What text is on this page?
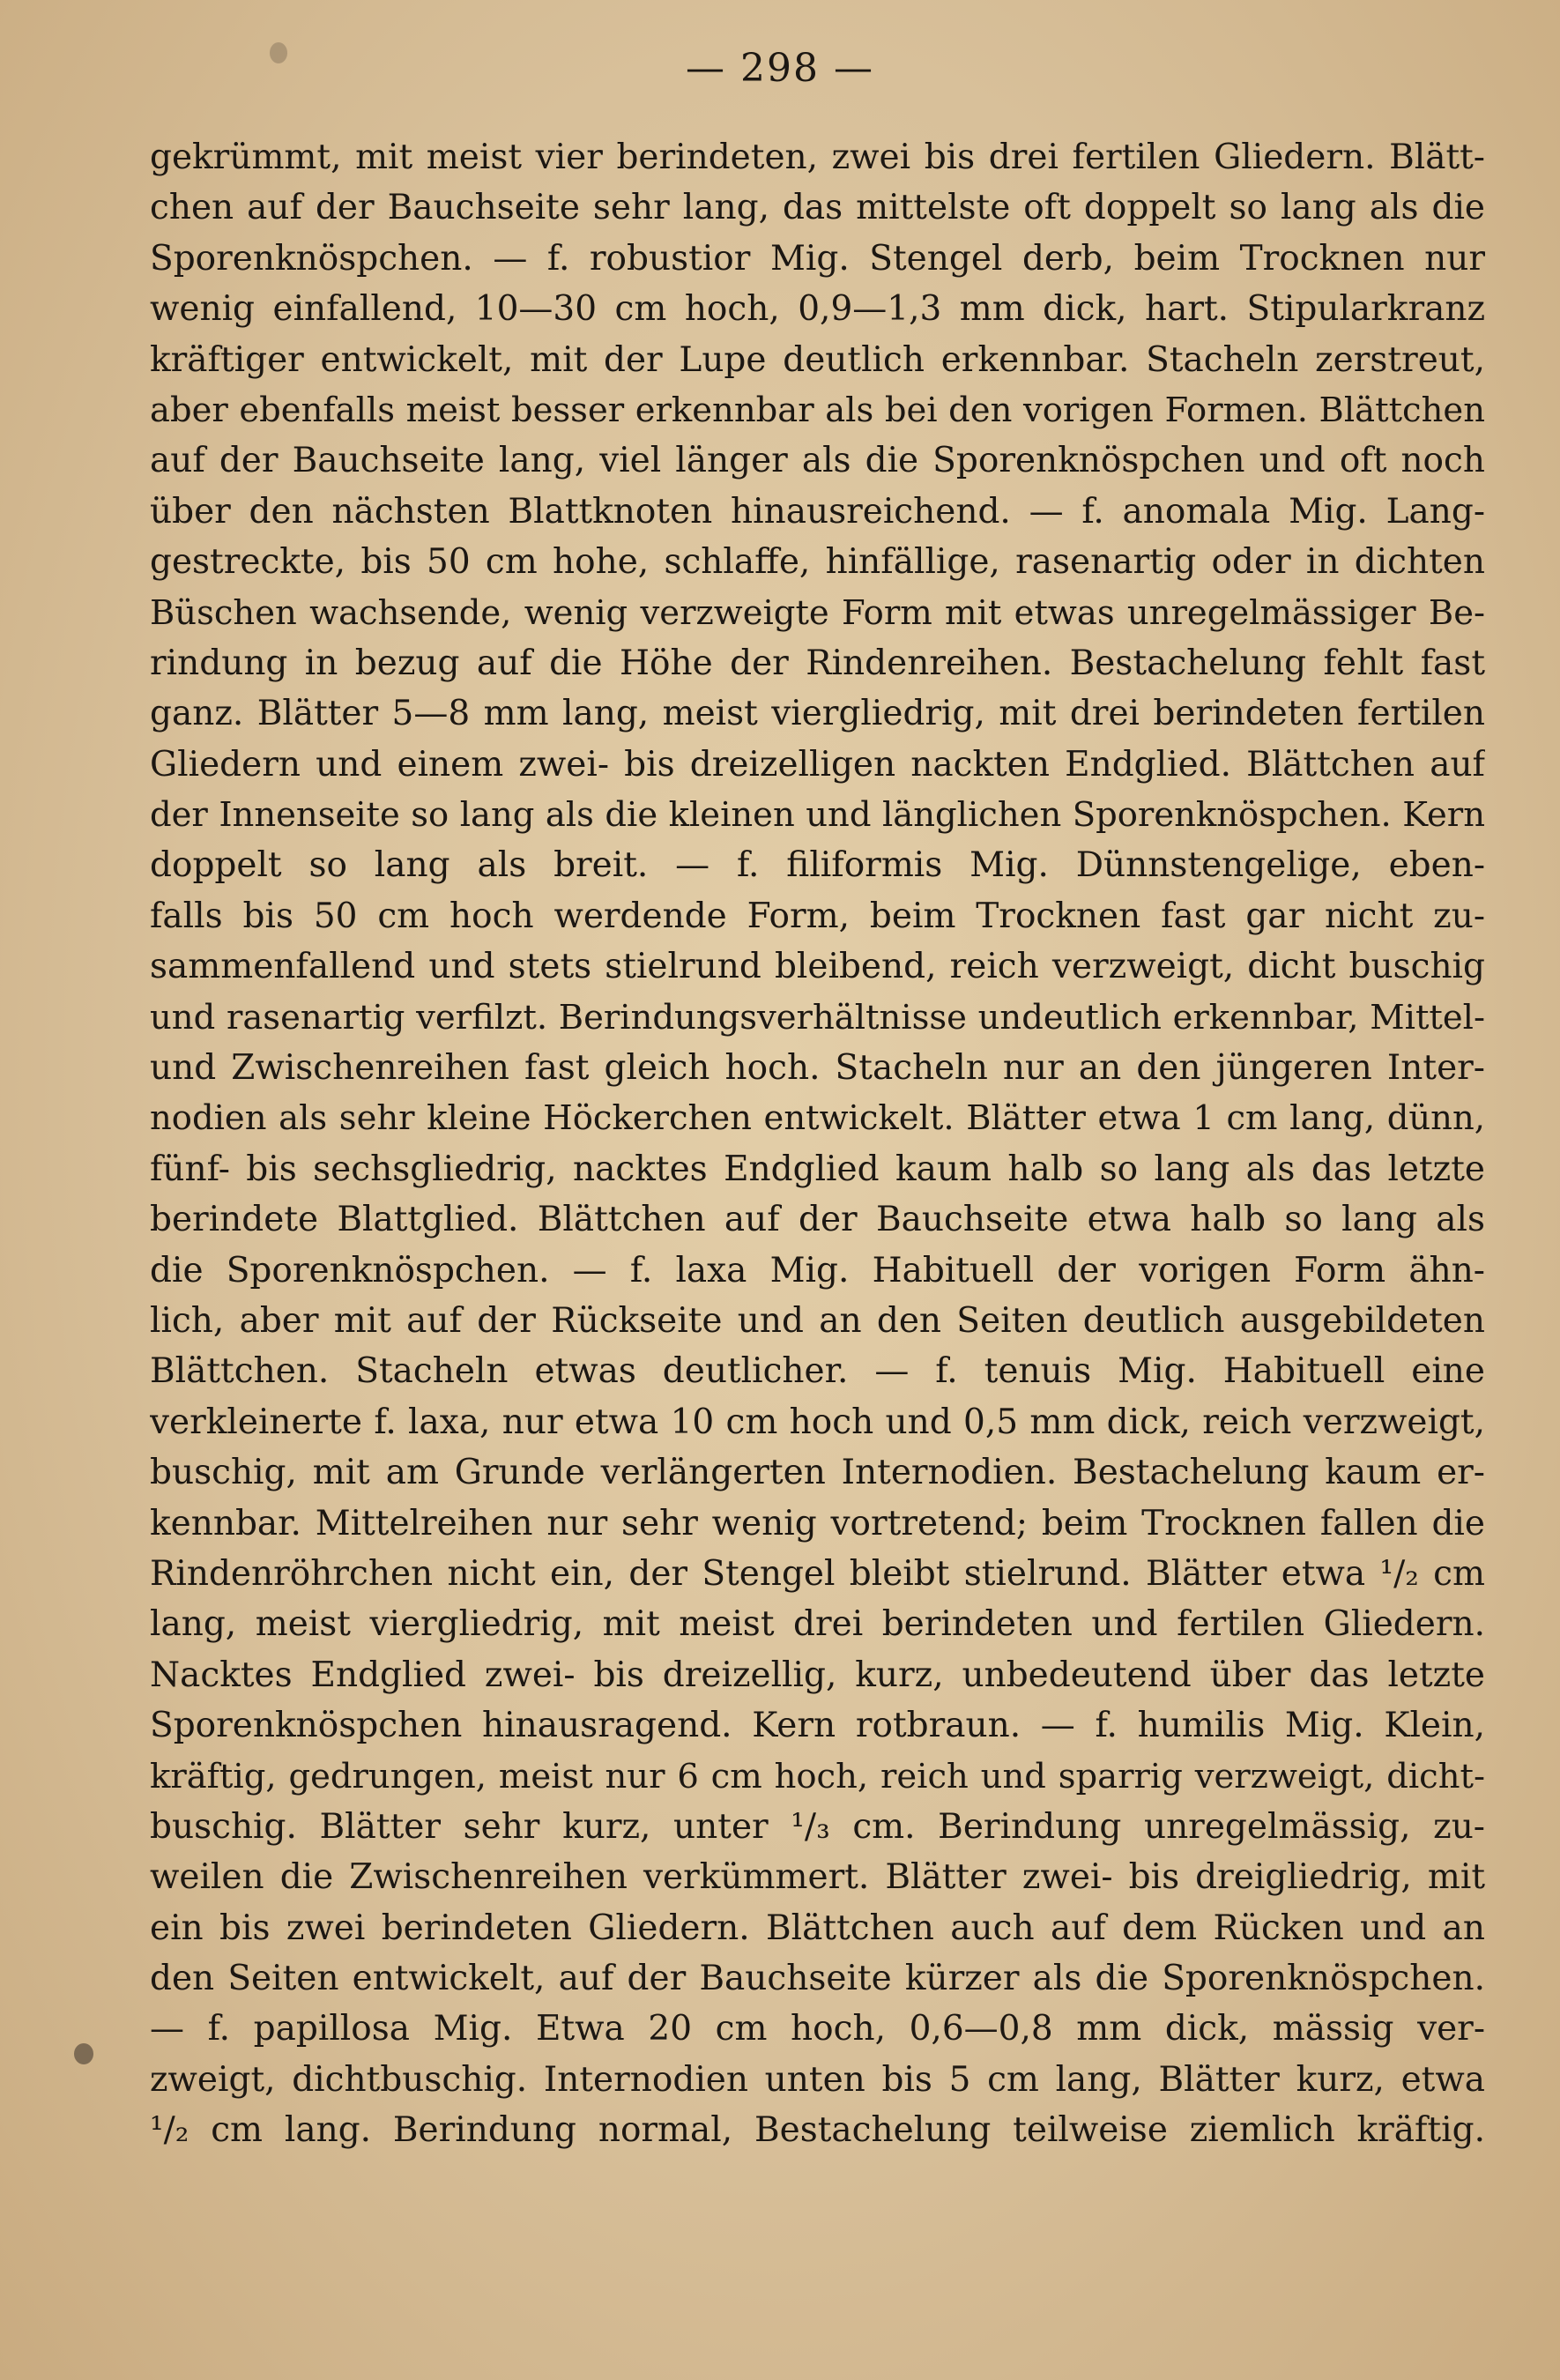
— 298 —
gekrümmt, mit meist vier berindeten, zwei bis drei fertilen Gliedern. Blätt-
chen auf der Bauchseite sehr lang, das mittelste oft doppelt so lang als die
Sporenknöspchen. — f. robustior Mig. Stengel derb, beim Trocknen nur
wenig einfallend, 10—30 cm hoch, 0,9—1,3 mm dick, hart. Stipularkranz
kräftiger entwickelt, mit der Lupe deutlich erkennbar. Stacheln zerstreut,
aber ebenfalls meist besser erkennbar als bei den vorigen Formen. Blättchen
auf der Bauchseite lang, viel länger als die Sporenknöspchen und oft noch
über den nächsten Blattknoten hinausreichend. — f. anomala Mig. Lang-
gestreckte, bis 50 cm hohe, schlaffe, hinfällige, rasenartig oder in dichten
Büschen wachsende, wenig verzweigte Form mit etwas unregelmässiger Be-
rindung in bezug auf die Höhe der Rindenreihen. Bestachelung fehlt fast
ganz. Blätter 5—8 mm lang, meist viergliedrig, mit drei berindeten fertilen
Gliedern und einem zwei- bis dreizelligen nackten Endglied. Blättchen auf
der Innenseite so lang als die kleinen und länglichen Sporenknöspchen. Kern
doppelt so lang als breit. — f. filiformis Mig. Dünnstengelige, eben-
falls bis 50 cm hoch werdende Form, beim Trocknen fast gar nicht zu-
sammenfallend und stets stielrund bleibend, reich verzweigt, dicht buschig
und rasenartig verfilzt. Berindungsverhältnisse undeutlich erkennbar, Mittel-
und Zwischenreihen fast gleich hoch. Stacheln nur an den jüngeren Inter-
nodien als sehr kleine Höckerchen entwickelt. Blätter etwa 1 cm lang, dünn,
fünf- bis sechsgliedrig, nacktes Endglied kaum halb so lang als das letzte
berindete Blattglied. Blättchen auf der Bauchseite etwa halb so lang als
die Sporenknöspchen. — f. laxa Mig. Habituell der vorigen Form ähn-
lich, aber mit auf der Rückseite und an den Seiten deutlich ausgebildeten
Blättchen. Stacheln etwas deutlicher. — f. tenuis Mig. Habituell eine
verkleinerte f. laxa, nur etwa 10 cm hoch und 0,5 mm dick, reich verzweigt,
buschig, mit am Grunde verlängerten Internodien. Bestachelung kaum er-
kennbar. Mittelreihen nur sehr wenig vortretend; beim Trocknen fallen die
Rindenröhrchen nicht ein, der Stengel bleibt stielrund. Blätter etwa ¹/₂ cm
lang, meist viergliedrig, mit meist drei berindeten und fertilen Gliedern.
Nacktes Endglied zwei- bis dreizellig, kurz, unbedeutend über das letzte
Sporenknöspchen hinausragend. Kern rotbraun. — f. humilis Mig. Klein,
kräftig, gedrungen, meist nur 6 cm hoch, reich und sparrig verzweigt, dicht-
buschig. Blätter sehr kurz, unter ¹/₃ cm. Berindung unregelmässig, zu-
weilen die Zwischenreihen verkümmert. Blätter zwei- bis dreigliedrig, mit
ein bis zwei berindeten Gliedern. Blättchen auch auf dem Rücken und an
den Seiten entwickelt, auf der Bauchseite kürzer als die Sporenknöspchen.
— f. papillosa Mig. Etwa 20 cm hoch, 0,6—0,8 mm dick, mässig ver-
zweigt, dichtbuschig. Internodien unten bis 5 cm lang, Blätter kurz, etwa
¹/₂ cm lang. Berindung normal, Bestachelung teilweise ziemlich kräftig.
